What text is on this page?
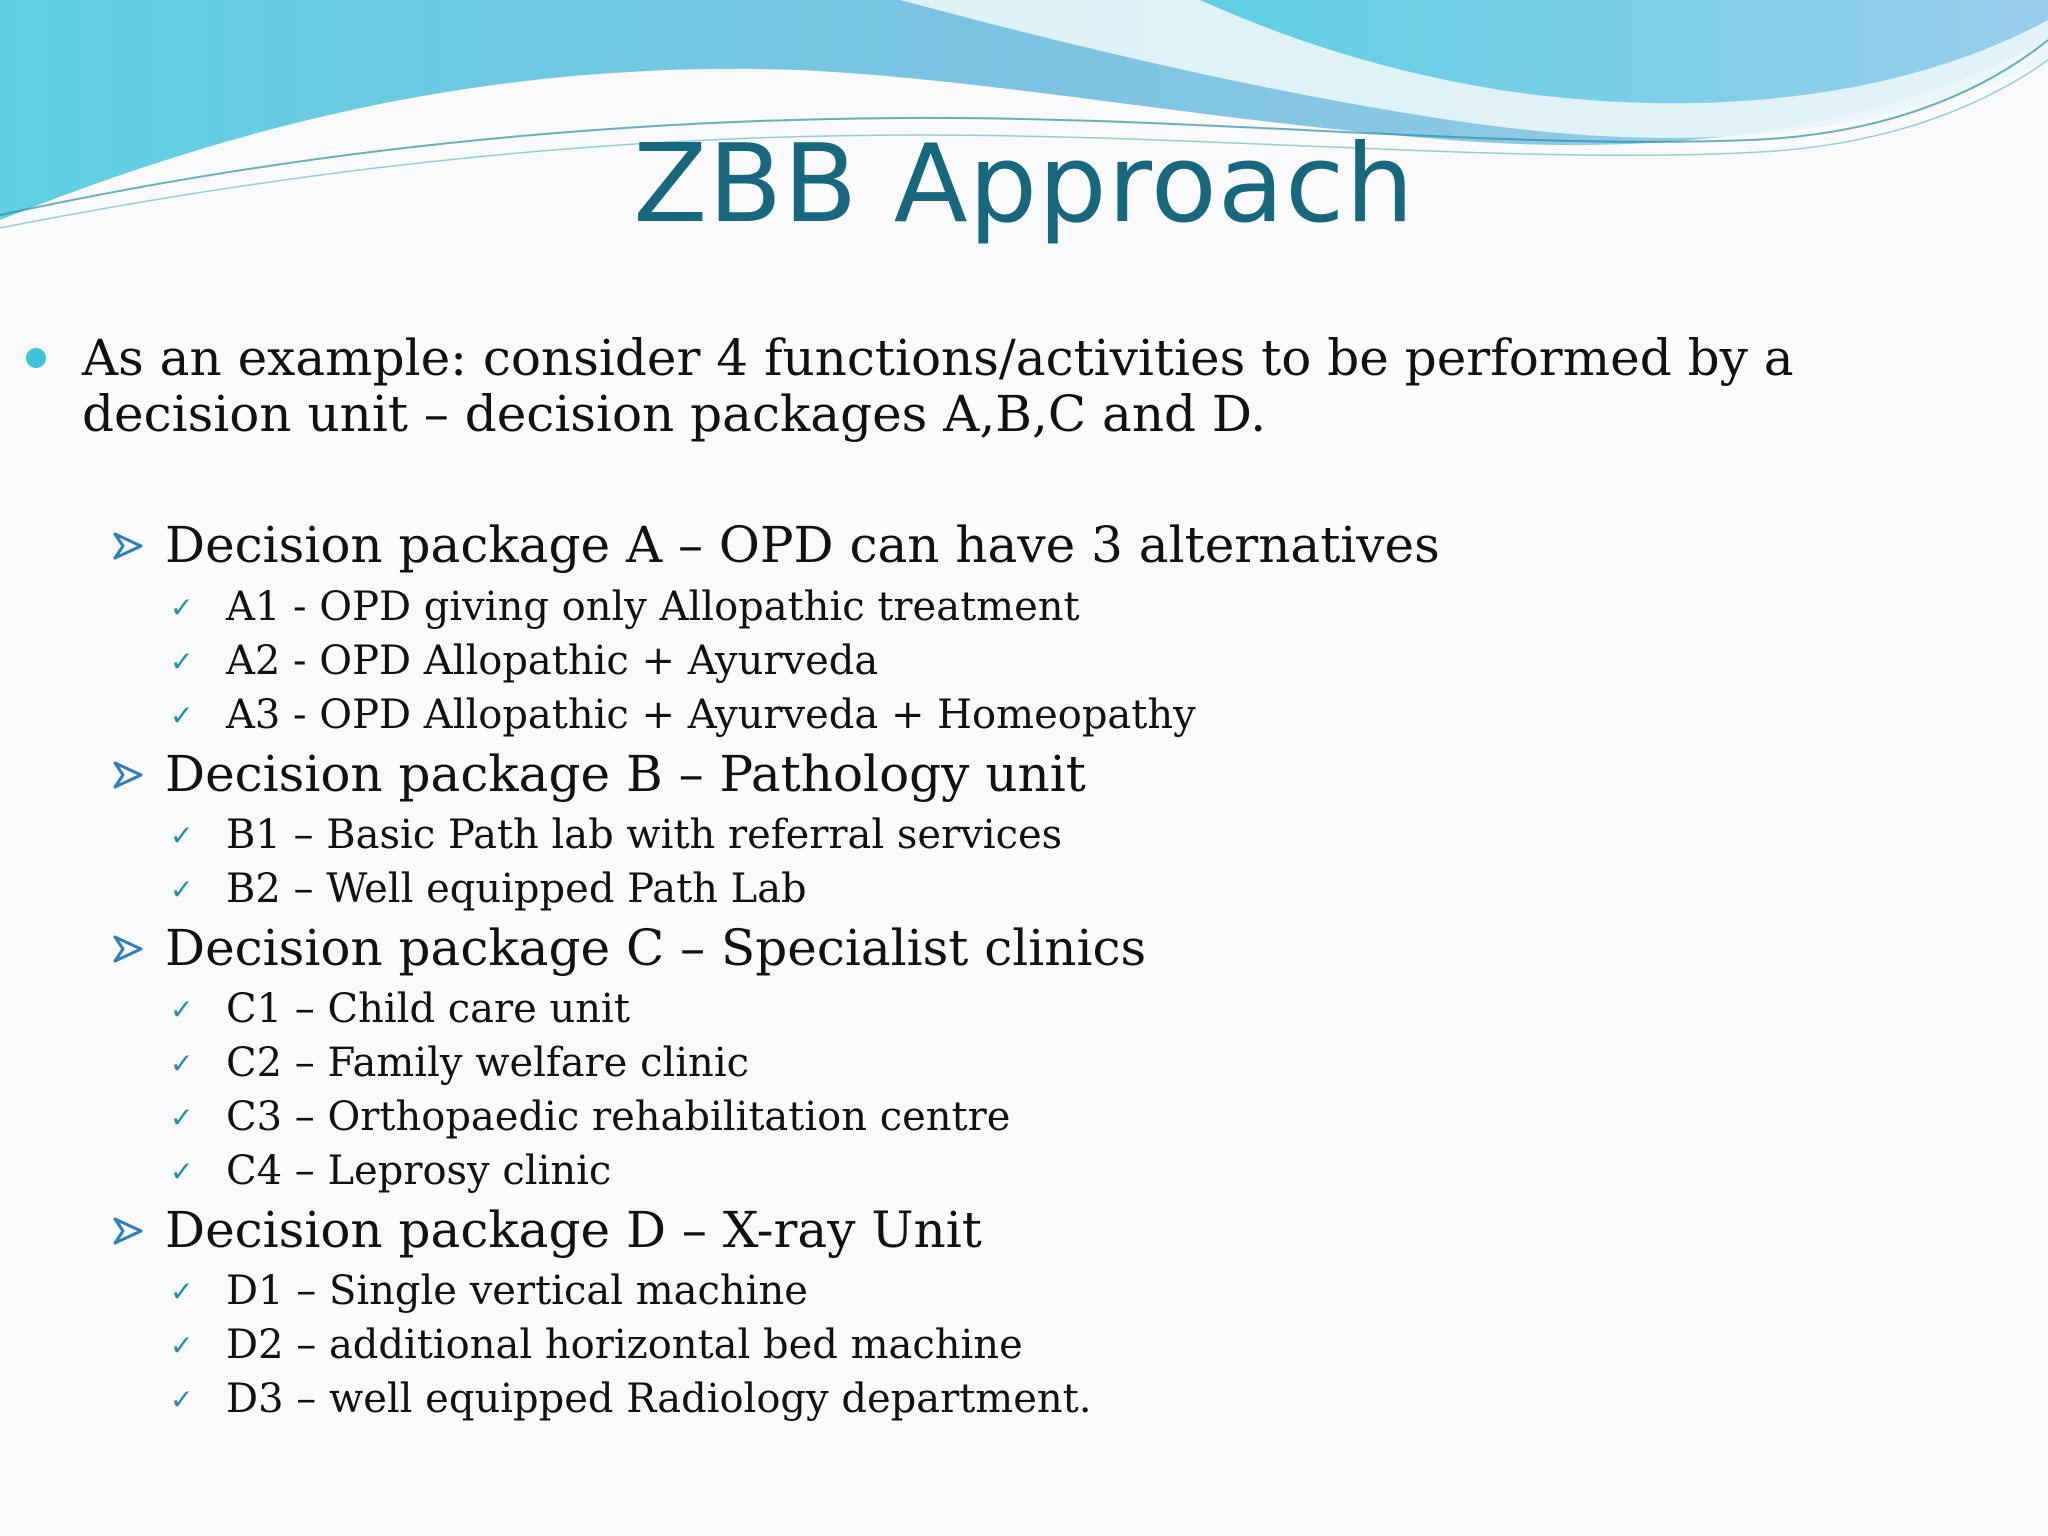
ZBB Approach
As an example: consider 4 functions/activities to be performed by a decision unit – decision packages A,B,C and D.
Decision package A – OPD can have 3 alternatives
✓ A1 - OPD giving only Allopathic treatment
✓ A2 - OPD Allopathic + Ayurveda
✓ A3 - OPD Allopathic + Ayurveda + Homeopathy
Decision package B – Pathology unit
✓ B1 – Basic Path lab with referral services
✓ B2 – Well equipped Path Lab
Decision package C – Specialist clinics
✓ C1 – Child care unit
✓ C2 – Family welfare clinic
✓ C3 – Orthopaedic rehabilitation centre
✓ C4 – Leprosy clinic
Decision package D – X-ray Unit
✓ D1 – Single vertical machine
✓ D2 – additional horizontal bed machine
✓ D3 – well equipped Radiology department.
